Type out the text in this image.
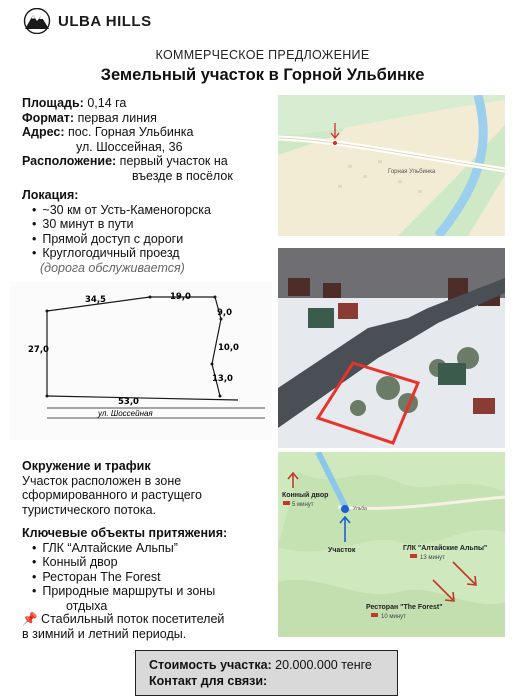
ULBA HILLS
КОММЕРЧЕСКОЕ ПРЕДЛОЖЕНИЕ
Земельный участок в Горной Ульбинке
Площадь: 0,14 га
Формат: первая линия
Адрес: пос. Горная Ульбинка
ул. Шоссейная, 36
Расположение: первый участок на
въезде в посёлок
Локация:
• ~30 км от Усть-Каменогорска
• 30 минут в пути
• Прямой доступ с дороги
• Круглогодичный проезд
(дорога обслуживается)
34,5	19,0
9,0
10,0
13,0
53,0
27,0
ул. Шоссейная
Горная Ульбинка
Ульба
Конный двор
5 минут
Участок	ГЛК "Алтайские Альпы"
13 минут
Ресторан "The Forest"
10 минут
Окружение и трафик
Участок расположен в зоне
сформированного и растущего
туристического потока.
Ключевые объекты притяжения:
• ГЛК “Алтайские Альпы”
• Конный двор
• Ресторан The Forest
• Природные маршруты и зоны
отдыха
📌 Стабильный поток посетителей
в зимний и летний периоды.
Стоимость участка: 20.000.000 тенге
Контакт для связи:
